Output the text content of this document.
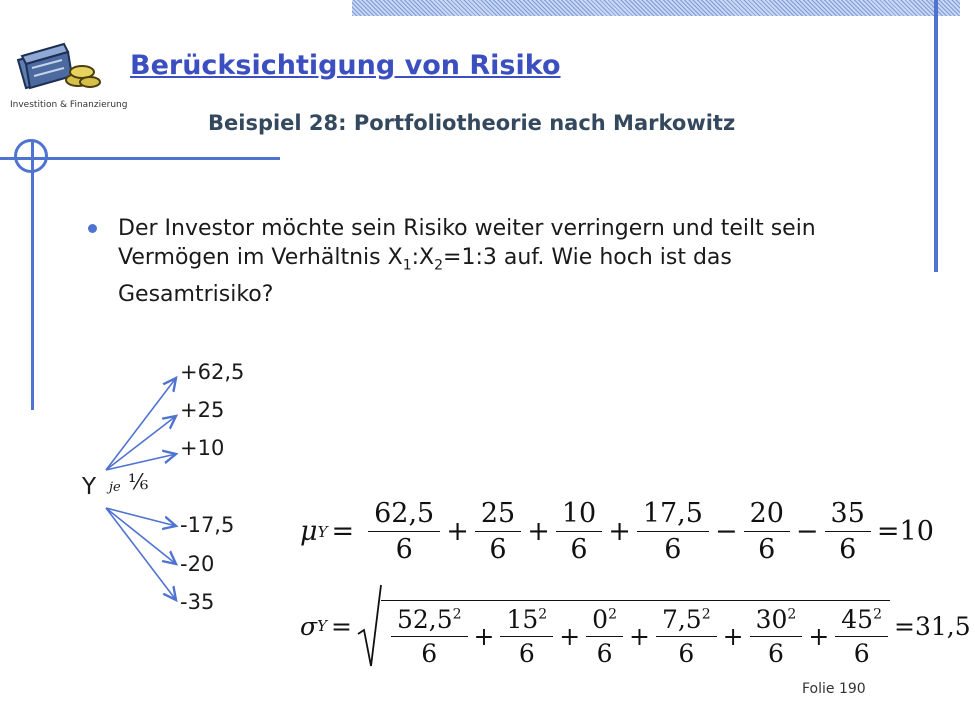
Investition & Finanzierung
Berücksichtigung von Risiko
Beispiel 28: Portfoliotheorie nach Markowitz
Der Investor möchte sein Risiko weiter verringern und teilt sein
Vermögen im Verhältnis $X_1:X_2=1:3$ auf. Wie hoch ist das
Gesamtrisiko?
Y je ⅙
+62,5
+25
+10
-17,5
-20
-35
μ $Y = \frac{62,5}{6} + \frac{25}{6} + \frac{10}{6} + \frac{17,5}{6} - \frac{20}{6} - \frac{35}{6} =10$
σ $Y = \frac{52,5^2}{6} + \frac{15^2}{6} + \frac{0^2}{6} + \frac{7,5^2}{6} + \frac{30^2}{6} + \frac{45^2}{6} =31,5$
Folie 190
